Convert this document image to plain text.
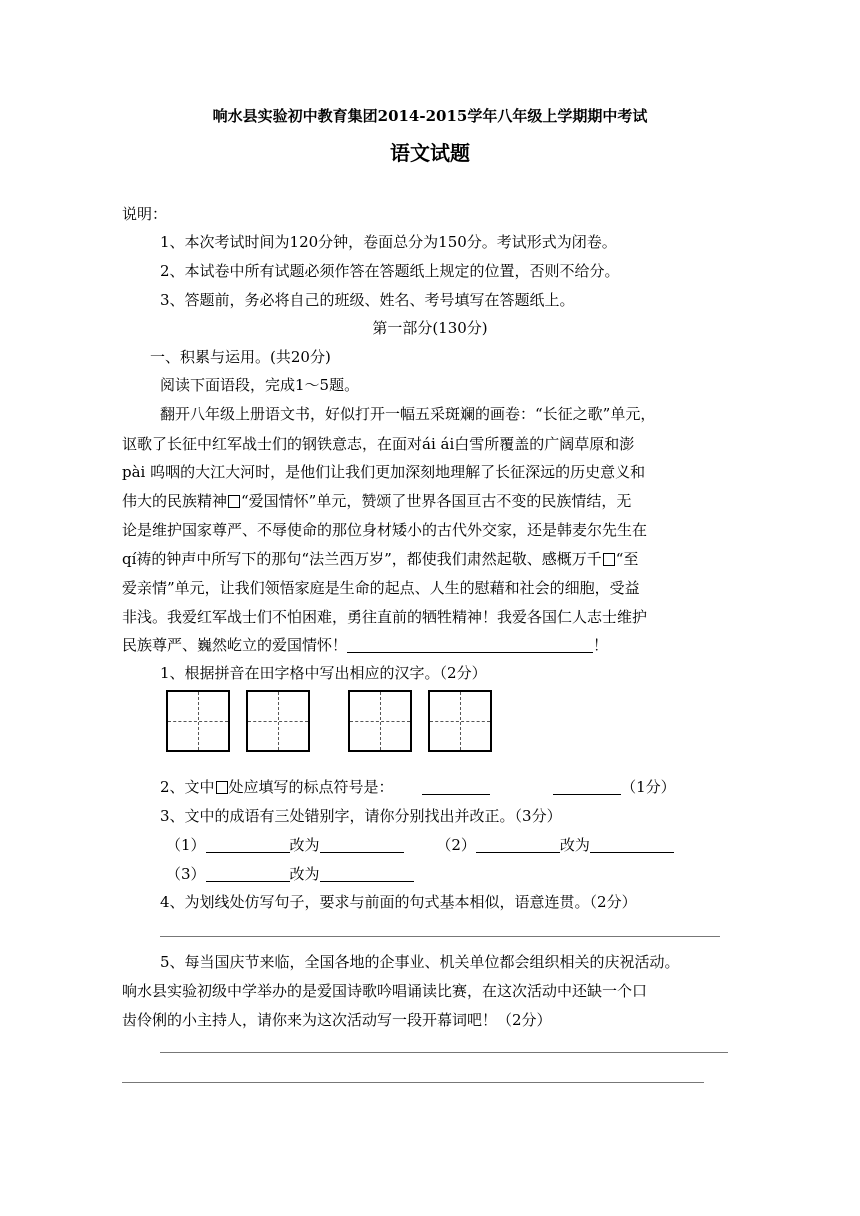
响水县实验初中教育集团2014-2015学年八年级上学期期中考试
语文试题
说明：
1、本次考试时间为120分钟，卷面总分为150分。考试形式为闭卷。
2、本试卷中所有试题必须作答在答题纸上规定的位置，否则不给分。
3、答题前，务必将自己的班级、姓名、考号填写在答题纸上。
第一部分(130分)
一、积累与运用。(共20分)
阅读下面语段，完成1～5题。
翻开八年级上册语文书，好似打开一幅五采斑斓的画卷：“长征之歌”单元，
讴歌了长征中红军战士们的钢铁意志，在面对ái ái白雪所覆盖的广阔草原和澎
pài 呜咽的大江大河时，是他们让我们更加深刻地理解了长征深远的历史意义和
伟大的民族精神 “爱国情怀”单元，赞颂了世界各国亘古不变的民族情结，无
论是维护国家尊严、不辱使命的那位身材矮小的古代外交家，还是韩麦尔先生在
qí祷的钟声中所写下的那句“法兰西万岁”，都使我们肃然起敬、感概万千 “至
爱亲情”单元，让我们领悟家庭是生命的起点、人生的慰藉和社会的细胞，受益
非浅。我爱红军战士们不怕困难，勇往直前的牺牲精神！我爱各国仁人志士维护
民族尊严、巍然屹立的爱国情怀！	！
1、根据拼音在田字格中写出相应的汉字。（2分）
2、文中 处应填写的标点符号是：	（1分）
3、文中的成语有三处错别字，请你分别找出并改正。（3分）
（1）	改为	（2）	改为
（3）	改为
4、为划线处仿写句子，要求与前面的句式基本相似，语意连贯。（2分）
5、每当国庆节来临，全国各地的企事业、机关单位都会组织相关的庆祝活动。
响水县实验初级中学举办的是爱国诗歌吟唱诵读比赛，在这次活动中还缺一个口
齿伶俐的小主持人，请你来为这次活动写一段开幕词吧！（2分）
